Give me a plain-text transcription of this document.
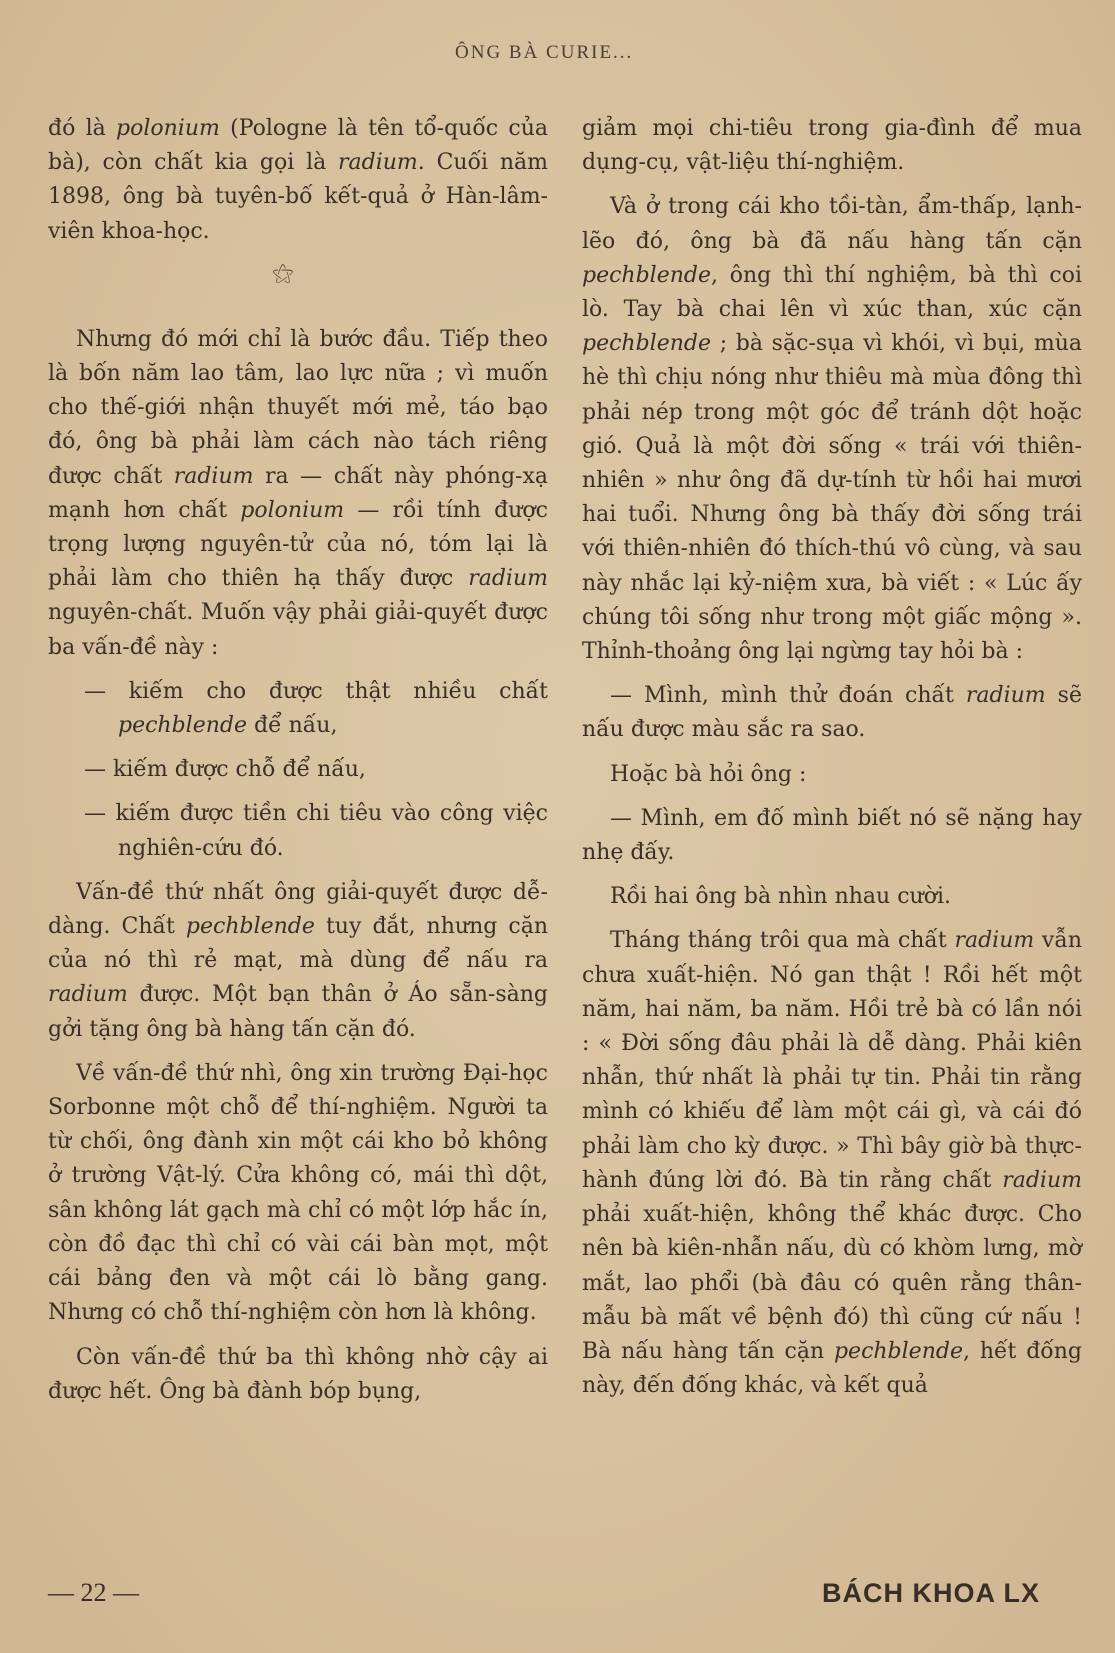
ÔNG BÀ CURIE...

đó là polonium (Pologne là tên tổ-quốc của bà), còn chất kia gọi là radium. Cuối năm 1898, ông bà tuyên-bố kết-quả ở Hàn-lâm-viên khoa-học.

⚝

Nhưng đó mới chỉ là bước đầu. Tiếp theo là bốn năm lao tâm, lao lực nữa ; vì muốn cho thế-giới nhận thuyết mới mẻ, táo bạo đó, ông bà phải làm cách nào tách riêng được chất radium ra — chất này phóng-xạ mạnh hơn chất polonium — rồi tính được trọng lượng nguyên-tử của nó, tóm lại là phải làm cho thiên hạ thấy được radium nguyên-chất. Muốn vậy phải giải-quyết được ba vấn-đề này :

— kiếm cho được thật nhiều chất pechblende để nấu,

— kiếm được chỗ để nấu,

— kiếm được tiền chi tiêu vào công việc nghiên-cứu đó.

Vấn-đề thứ nhất ông giải-quyết được dễ-dàng. Chất pechblende tuy đắt, nhưng cặn của nó thì rẻ mạt, mà dùng để nấu ra radium được. Một bạn thân ở Áo sẵn-sàng gởi tặng ông bà hàng tấn cặn đó.

Về vấn-đề thứ nhì, ông xin trường Đại-học Sorbonne một chỗ để thí-nghiệm. Người ta từ chối, ông đành xin một cái kho bỏ không ở trường Vật-lý. Cửa không có, mái thì dột, sân không lát gạch mà chỉ có một lớp hắc ín, còn đồ đạc thì chỉ có vài cái bàn mọt, một cái bảng đen và một cái lò bằng gang. Nhưng có chỗ thí-nghiệm còn hơn là không.

Còn vấn-đề thứ ba thì không nhờ cậy ai được hết. Ông bà đành bóp bụng,

giảm mọi chi-tiêu trong gia-đình để mua dụng-cụ, vật-liệu thí-nghiệm.

Và ở trong cái kho tồi-tàn, ẩm-thấp, lạnh-lẽo đó, ông bà đã nấu hàng tấn cặn pechblende, ông thì thí nghiệm, bà thì coi lò. Tay bà chai lên vì xúc than, xúc cặn pechblende ; bà sặc-sụa vì khói, vì bụi, mùa hè thì chịu nóng như thiêu mà mùa đông thì phải nép trong một góc để tránh dột hoặc gió. Quả là một đời sống « trái với thiên-nhiên » như ông đã dự-tính từ hồi hai mươi hai tuổi. Nhưng ông bà thấy đời sống trái với thiên-nhiên đó thích-thú vô cùng, và sau này nhắc lại kỷ-niệm xưa, bà viết : « Lúc ấy chúng tôi sống như trong một giấc mộng ». Thỉnh-thoảng ông lại ngừng tay hỏi bà :

— Mình, mình thử đoán chất radium sẽ nấu được màu sắc ra sao.

Hoặc bà hỏi ông :

— Mình, em đố mình biết nó sẽ nặng hay nhẹ đấy.

Rồi hai ông bà nhìn nhau cười.

Tháng tháng trôi qua mà chất radium vẫn chưa xuất-hiện. Nó gan thật ! Rồi hết một năm, hai năm, ba năm. Hồi trẻ bà có lần nói : « Đời sống đâu phải là dễ dàng. Phải kiên nhẫn, thứ nhất là phải tự tin. Phải tin rằng mình có khiếu để làm một cái gì, và cái đó phải làm cho kỳ được. » Thì bây giờ bà thực-hành đúng lời đó. Bà tin rằng chất radium phải xuất-hiện, không thể khác được. Cho nên bà kiên-nhẫn nấu, dù có khòm lưng, mờ mắt, lao phổi (bà đâu có quên rằng thân-mẫu bà mất về bệnh đó) thì cũng cứ nấu ! Bà nấu hàng tấn cặn pechblende, hết đống này, đến đống khác, và kết quả

— 22 —	BÁCH KHOA LX
